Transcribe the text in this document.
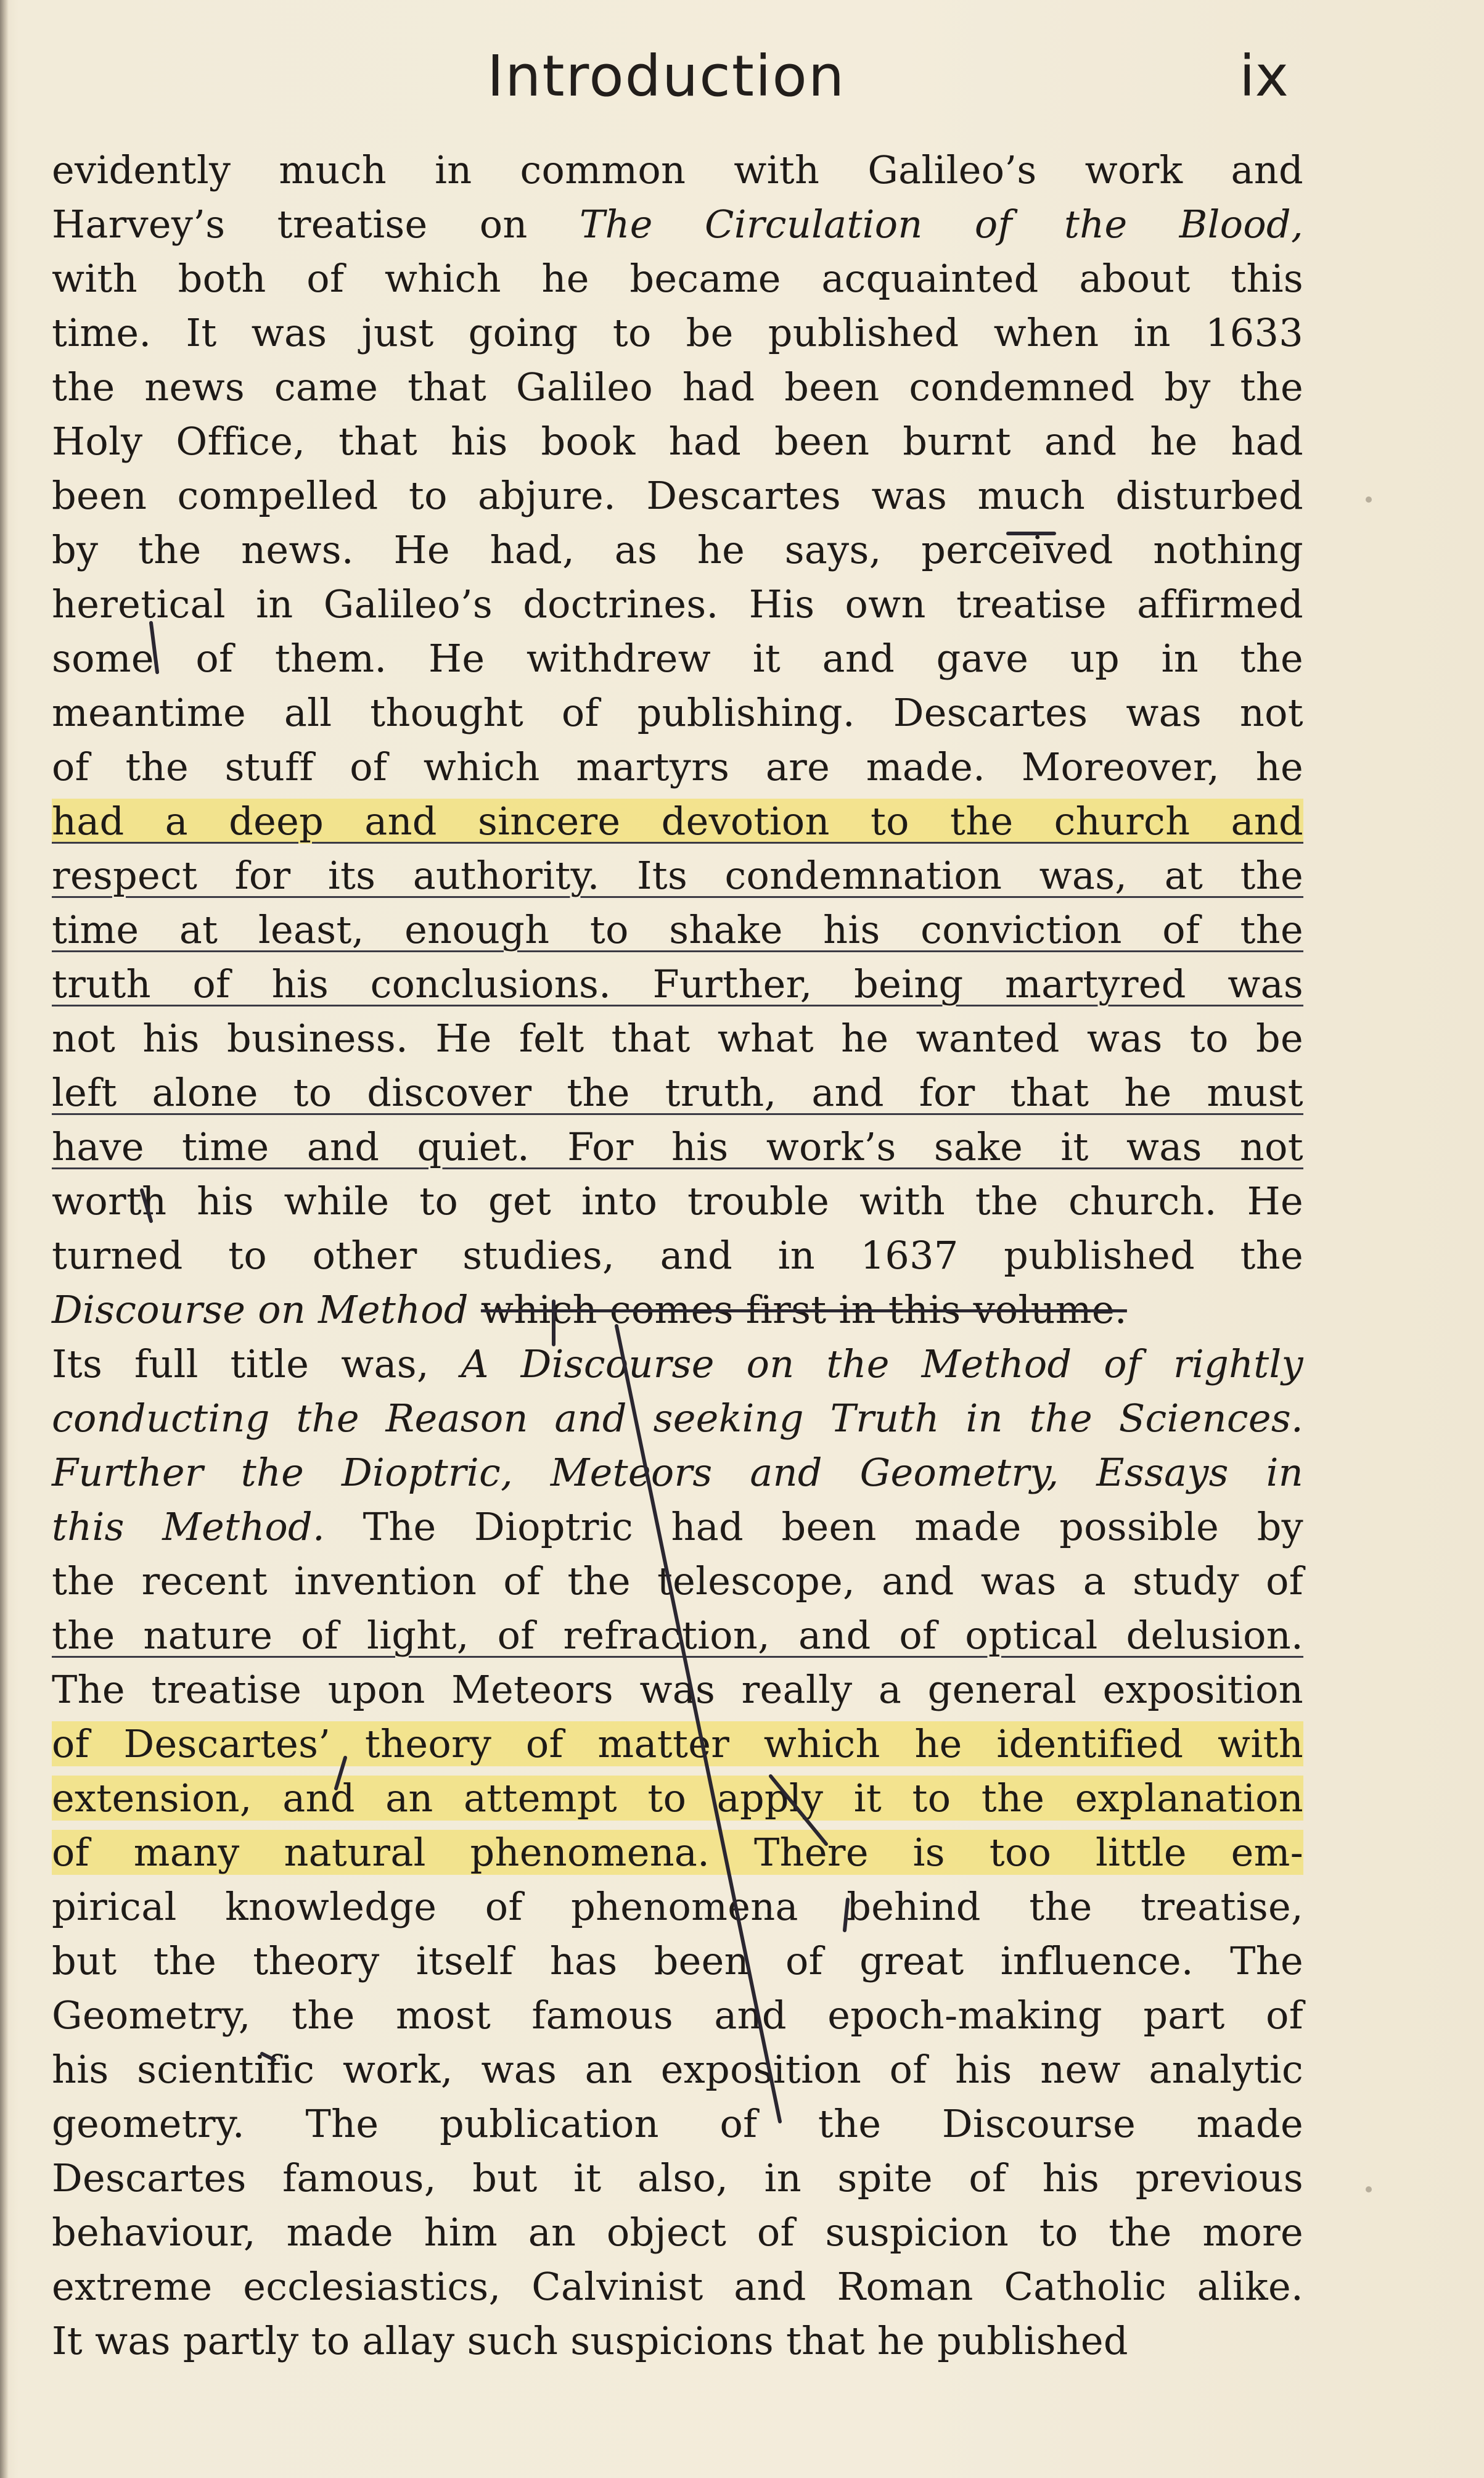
Introduction	ix
evidently much in common with Galileo’s work and
Harvey’s treatise on The Circulation of the Blood,
with both of which he became acquainted about this
time. It was just going to be published when in 1633
the news came that Galileo had been condemned by the
Holy Office, that his book had been burnt and he had
been compelled to abjure. Descartes was much disturbed
by the news. He had, as he says, perceived nothing
heretical in Galileo’s doctrines. His own treatise affirmed
some of them. He withdrew it and gave up in the
meantime all thought of publishing. Descartes was not
of the stuff of which martyrs are made. Moreover, he
had a deep and sincere devotion to the church and
respect for its authority. Its condemnation was, at the
time at least, enough to shake his conviction of the
truth of his conclusions. Further, being martyred was
not his business. He felt that what he wanted was to be
left alone to discover the truth, and for that he must
have time and quiet. For his work’s sake it was not
worth his while to get into trouble with the church. He
turned to other studies, and in 1637 published the
Discourse on Method which comes first in this volume.
Its full title was, A Discourse on the Method of rightly
conducting the Reason and seeking Truth in the Sciences.
Further the Dioptric, Meteors and Geometry, Essays in
this Method. The Dioptric had been made possible by
the recent invention of the telescope, and was a study of
the nature of light, of refraction, and of optical delusion.
The treatise upon Meteors was really a general exposition
of Descartes’ theory of matter which he identified with
extension, and an attempt to apply it to the explanation
of many natural phenomena. There is too little em-
pirical knowledge of phenomena behind the treatise,
but the theory itself has been of great influence. The
Geometry, the most famous and epoch-making part of
his scientific work, was an exposition of his new analytic
geometry. The publication of the Discourse made
Descartes famous, but it also, in spite of his previous
behaviour, made him an object of suspicion to the more
extreme ecclesiastics, Calvinist and Roman Catholic alike.
It was partly to allay such suspicions that he published
